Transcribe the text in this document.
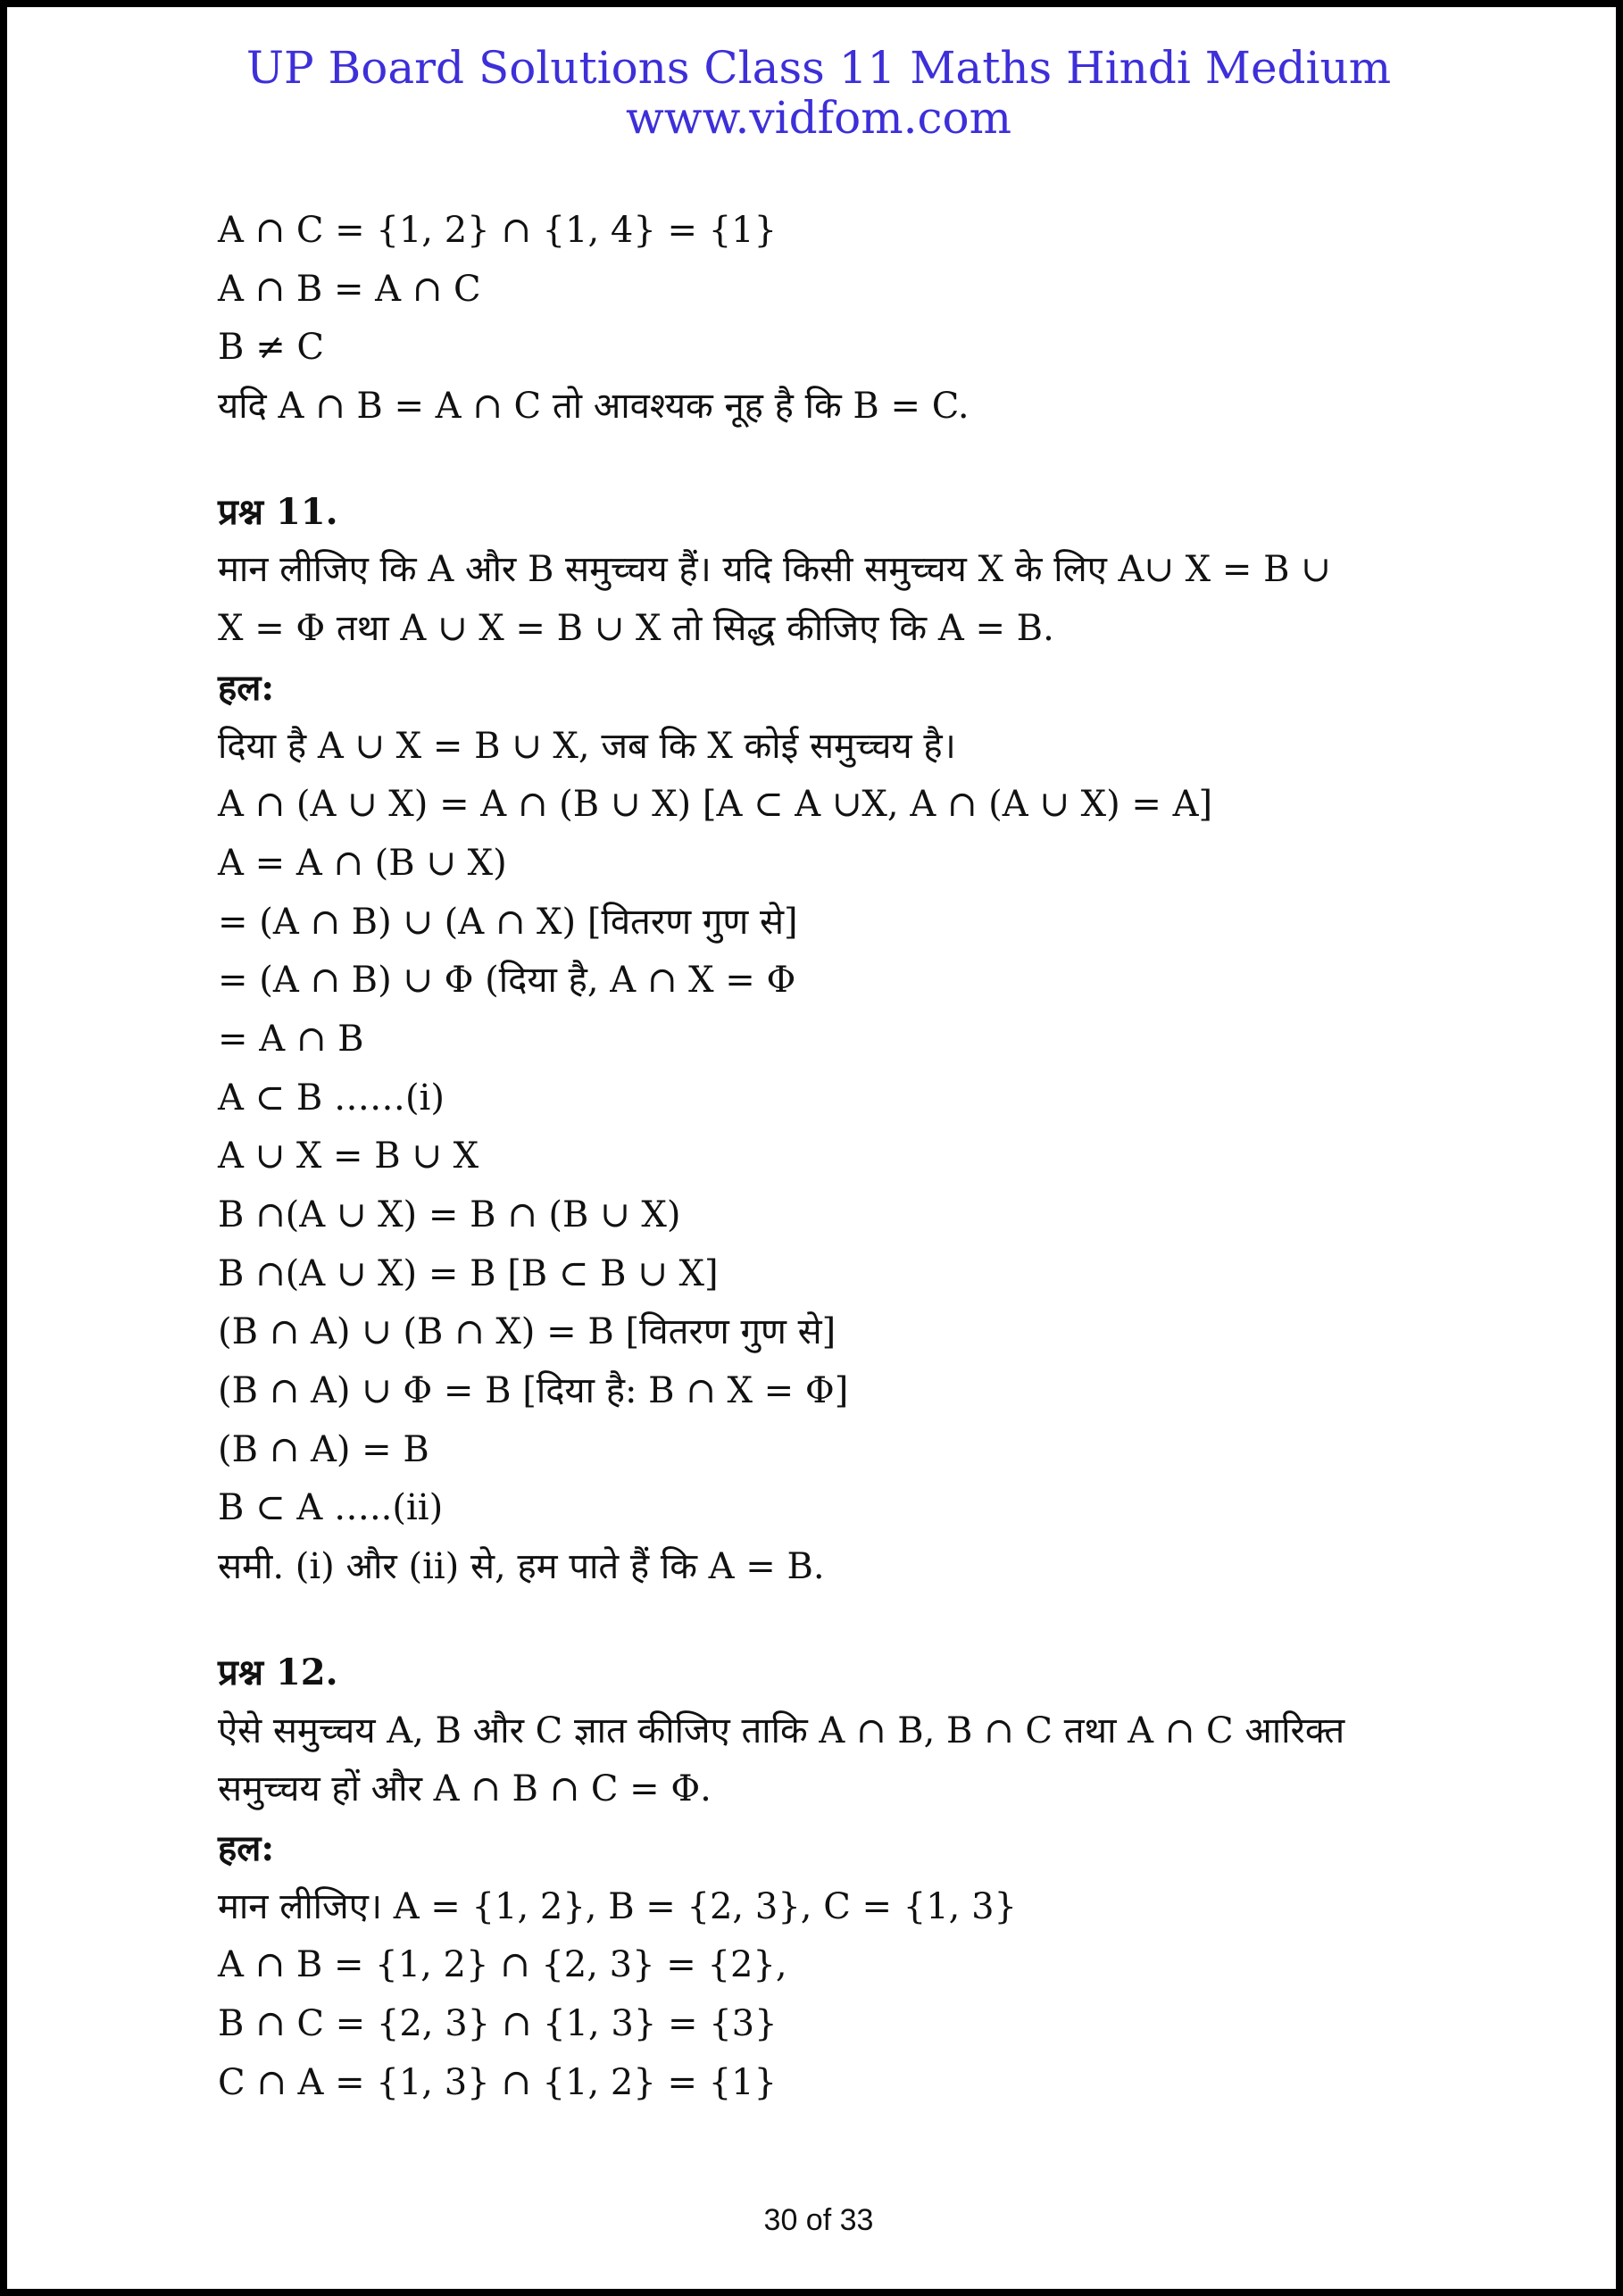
UP Board Solutions Class 11 Maths Hindi Medium
www.vidfom.com
A ∩ C = {1, 2} ∩ {1, 4} = {1}
A ∩ B = A ∩ C
B ≠ C
यदि A ∩ B = A ∩ C तो आवश्यक नूह है कि B = C.
प्रश्न 11.
मान लीजिए कि A और B समुच्चय हैं। यदि किसी समुच्चय X के लिए A∪ X = B ∪
X = Φ तथा A ∪ X = B ∪ X तो सिद्ध कीजिए कि A = B.
हल:
दिया है A ∪ X = B ∪ X, जब कि X कोई समुच्चय है।
A ∩ (A ∪ X) = A ∩ (B ∪ X) [A ⊂ A ∪X, A ∩ (A ∪ X) = A]
A = A ∩ (B ∪ X)
= (A ∩ B) ∪ (A ∩ X) [वितरण गुण से]
= (A ∩ B) ∪ Φ (दिया है, A ∩ X = Φ
= A ∩ B
A ⊂ B ……(i)
A ∪ X = B ∪ X
B ∩(A ∪ X) = B ∩ (B ∪ X)
B ∩(A ∪ X) = B [B ⊂ B ∪ X]
(B ∩ A) ∪ (B ∩ X) = B [वितरण गुण से]
(B ∩ A) ∪ Φ = B [दिया है: B ∩ X = Φ]
(B ∩ A) = B
B ⊂ A …..(ii)
समी. (i) और (ii) से, हम पाते हैं कि A = B.
प्रश्न 12.
ऐसे समुच्चय A, B और C ज्ञात कीजिए ताकि A ∩ B, B ∩ C तथा A ∩ C आरिक्त
समुच्चय हों और A ∩ B ∩ C = Φ.
हल:
मान लीजिए। A = {1, 2}, B = {2, 3}, C = {1, 3}
A ∩ B = {1, 2} ∩ {2, 3} = {2},
B ∩ C = {2, 3} ∩ {1, 3} = {3}
C ∩ A = {1, 3} ∩ {1, 2} = {1}
30 of 33
